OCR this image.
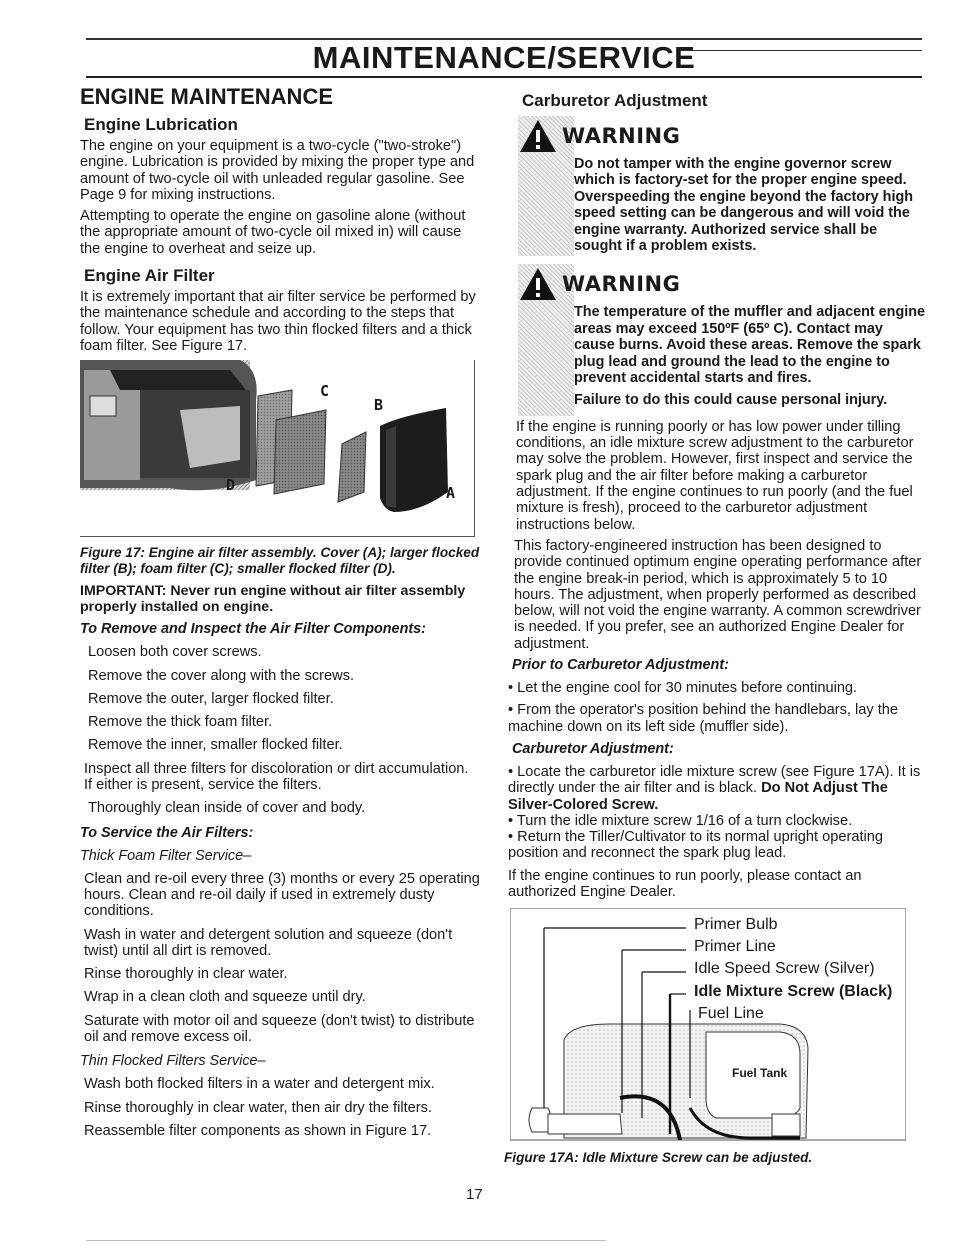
MAINTENANCE/SERVICE
ENGINE MAINTENANCE
Engine Lubrication

The engine on your equipment is a two-cycle ("two-stroke") engine. Lubrication is provided by mixing the proper type and amount of two-cycle oil with unleaded regular gasoline. See Page 9 for mixing instructions.

Attempting to operate the engine on gasoline alone (without the appropriate amount of two-cycle oil mixed in) will cause the engine to overheat and seize up.

Engine Air Filter

It is extremely important that air filter service be performed by the maintenance schedule and according to the steps that follow. Your equipment has two thin flocked filters and a thick foam filter. See Figure 17.

C
B
D	A

Figure 17: Engine air filter assembly. Cover (A); larger flocked filter (B); foam filter (C); smaller flocked filter (D).

IMPORTANT: Never run engine without air filter assembly properly installed on engine.

To Remove and Inspect the Air Filter Components:

Loosen both cover screws.

Remove the cover along with the screws.

Remove the outer, larger flocked filter.

Remove the thick foam filter.

Remove the inner, smaller flocked filter.

Inspect all three filters for discoloration or dirt accumulation. If either is present, service the filters.

Thoroughly clean inside of cover and body.

To Service the Air Filters:

Thick Foam Filter Service–

Clean and re-oil every three (3) months or every 25 operating hours. Clean and re-oil daily if used in extremely dusty conditions.

Wash in water and detergent solution and squeeze (don't twist) until all dirt is removed.

Rinse thoroughly in clear water.

Wrap in a clean cloth and squeeze until dry.

Saturate with motor oil and squeeze (don't twist) to distribute oil and remove excess oil.

Thin Flocked Filters Service–

Wash both flocked filters in a water and detergent mix.

Rinse thoroughly in clear water, then air dry the filters.

Reassemble filter components as shown in Figure 17.

Carburetor Adjustment
WARNING

Do not tamper with the engine governor screw which is factory-set for the proper engine speed. Overspeeding the engine beyond the factory high speed setting can be dangerous and will void the engine warranty. Authorized service shall be sought if a problem exists.

WARNING

The temperature of the muffler and adjacent engine areas may exceed 150ºF (65º C). Contact may cause burns. Avoid these areas. Remove the spark plug lead and ground the lead to the engine to prevent accidental starts and fires.

Failure to do this could cause personal injury.

If the engine is running poorly or has low power under tilling conditions, an idle mixture screw adjustment to the carburetor may solve the problem. However, first inspect and service the spark plug and the air filter before making a carburetor adjustment. If the engine continues to run poorly (and the fuel mixture is fresh), proceed to the carburetor adjustment instructions below.

This factory-engineered instruction has been designed to provide continued optimum engine operating performance after the engine break-in period, which is approximately 5 to 10 hours. The adjustment, when properly performed as described below, will not void the engine warranty. A common screwdriver is needed. If you prefer, see an authorized Engine Dealer for adjustment.

Prior to Carburetor Adjustment:

• Let the engine cool for 30 minutes before continuing.

• From the operator's position behind the handlebars, lay the machine down on its left side (muffler side).

Carburetor Adjustment:

• Locate the carburetor idle mixture screw (see Figure 17A). It is directly under the air filter and is black. Do Not Adjust The Silver-Colored Screw.

• Turn the idle mixture screw 1/16 of a turn clockwise.

• Return the Tiller/Cultivator to its normal upright operating position and reconnect the spark plug lead.

If the engine continues to run poorly, please contact an authorized Engine Dealer.

Primer Bulb
Primer Line
Idle Speed Screw (Silver)
Idle Mixture Screw (Black)
Fuel Line
Fuel Tank

Figure 17A: Idle Mixture Screw can be adjusted.

17
